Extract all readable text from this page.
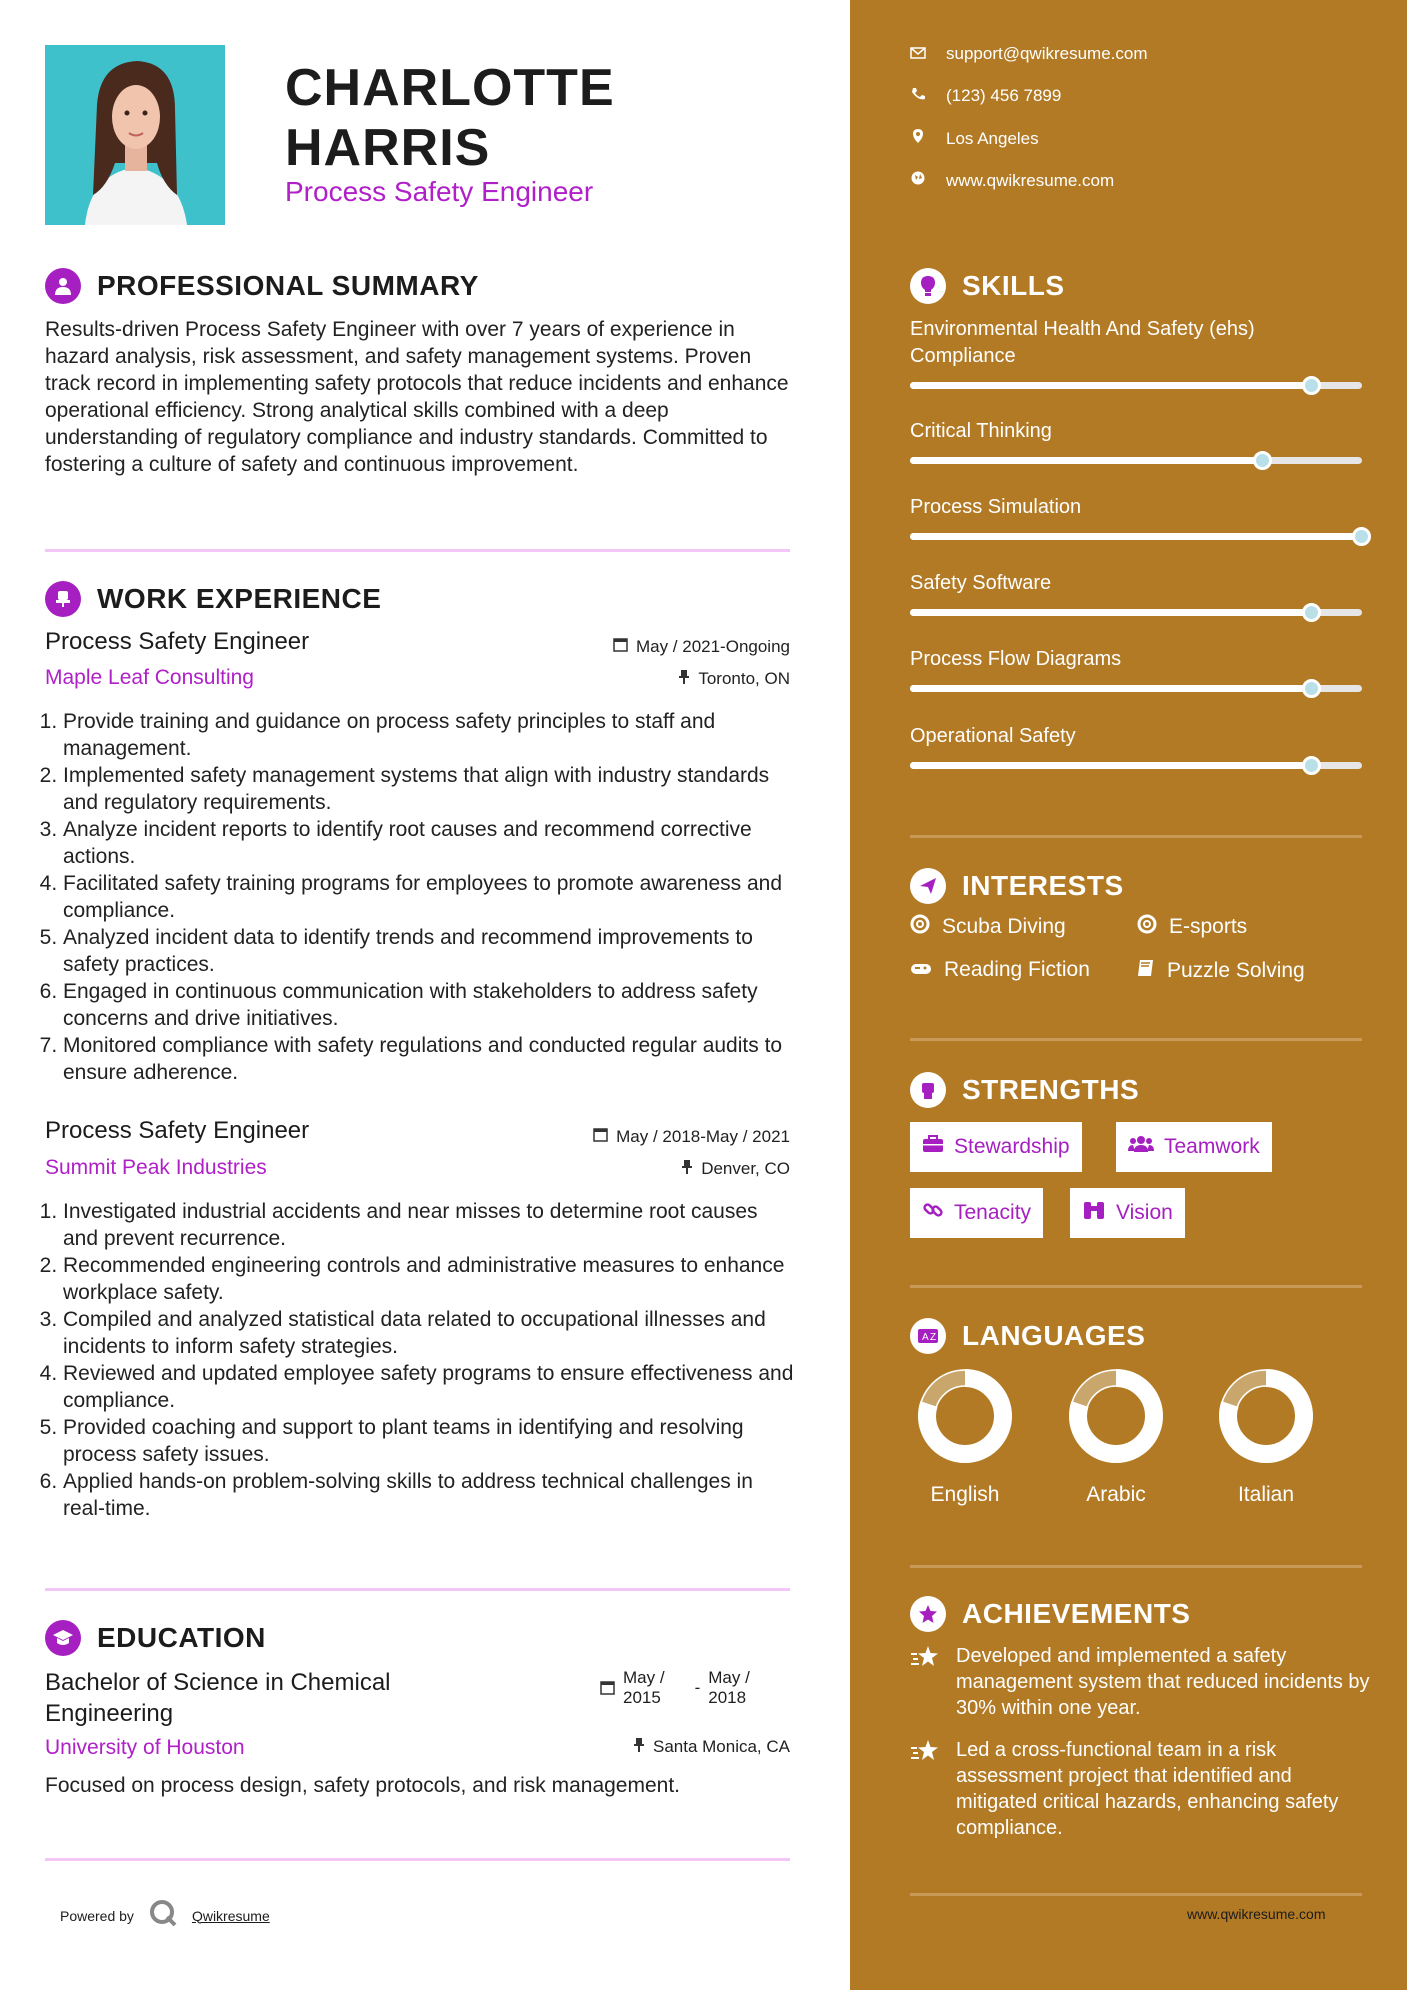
CHARLOTTE
HARRIS
Process Safety Engineer
PROFESSIONAL SUMMARY
Results-driven Process Safety Engineer with over 7 years of experience in hazard analysis, risk assessment, and safety management systems. Proven track record in implementing safety protocols that reduce incidents and enhance operational efficiency. Strong analytical skills combined with a deep understanding of regulatory compliance and industry standards. Committed to fostering a culture of safety and continuous improvement.
WORK EXPERIENCE
Process Safety Engineer
Maple Leaf Consulting
May / 2021-Ongoing
Toronto, ON
1. Provide training and guidance on process safety principles to staff and management.
2. Implemented safety management systems that align with industry standards and regulatory requirements.
3. Analyze incident reports to identify root causes and recommend corrective actions.
4. Facilitated safety training programs for employees to promote awareness and compliance.
5. Analyzed incident data to identify trends and recommend improvements to safety practices.
6. Engaged in continuous communication with stakeholders to address safety concerns and drive initiatives.
7. Monitored compliance with safety regulations and conducted regular audits to ensure adherence.
Process Safety Engineer
Summit Peak Industries
May / 2018-May / 2021
Denver, CO
1. Investigated industrial accidents and near misses to determine root causes and prevent recurrence.
2. Recommended engineering controls and administrative measures to enhance workplace safety.
3. Compiled and analyzed statistical data related to occupational illnesses and incidents to inform safety strategies.
4. Reviewed and updated employee safety programs to ensure effectiveness and compliance.
5. Provided coaching and support to plant teams in identifying and resolving process safety issues.
6. Applied hands-on problem-solving skills to address technical challenges in real-time.
EDUCATION
Bachelor of Science in Chemical
Engineering
May /
2015
-
May /
2018
University of Houston	Santa Monica, CA
Focused on process design, safety protocols, and risk management.
Powered by	Qwikresume
support@qwikresume.com
(123) 456 7899
Los Angeles
www.qwikresume.com
SKILLS
Environmental Health And Safety (ehs) Compliance
Critical Thinking
Process Simulation
Safety Software
Process Flow Diagrams
Operational Safety
INTERESTS
Scuba Diving	E-sports
Reading Fiction	Puzzle Solving
STRENGTHS
Stewardship	Teamwork
Tenacity	Vision
A Z LANGUAGES
English	Arabic	Italian
ACHIEVEMENTS
Developed and implemented a safety management system that reduced incidents by 30% within one year.
Led a cross-functional team in a risk assessment project that identified and mitigated critical hazards, enhancing safety compliance.
www.qwikresume.com
